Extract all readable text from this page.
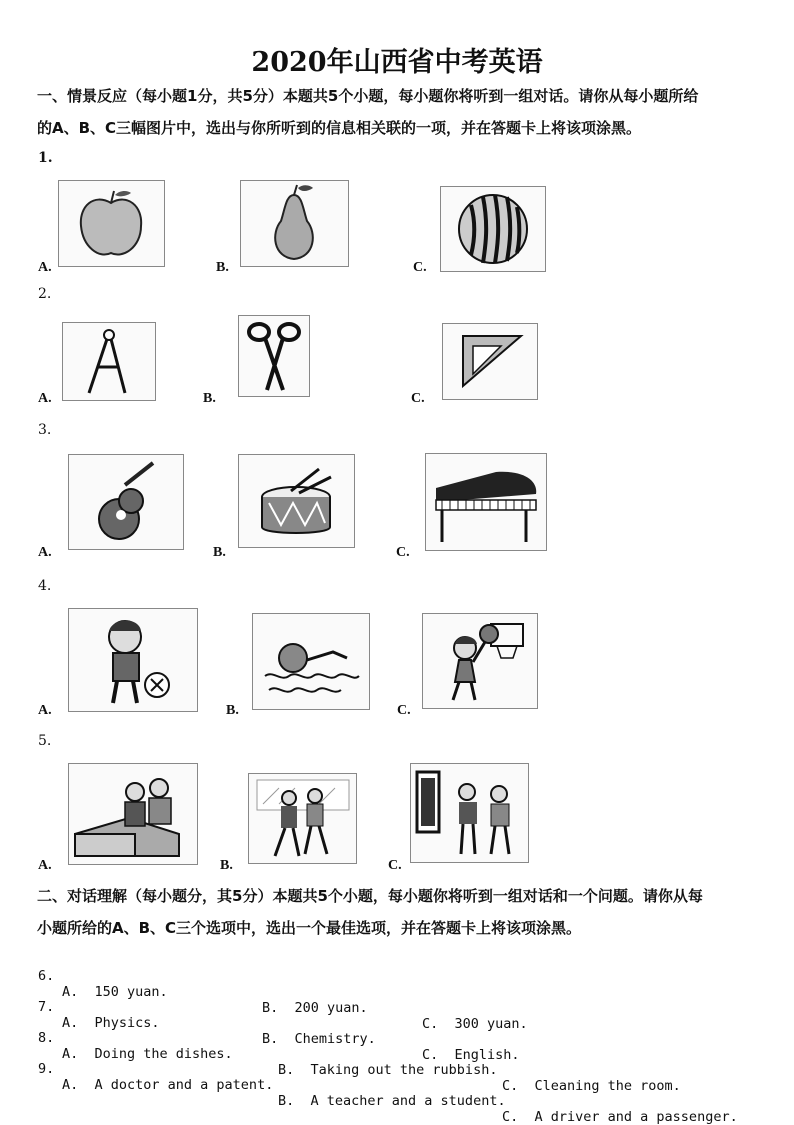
2020年山西省中考英语
一、情景反应（每小题1分，共5分）本题共5个小题，每小题你将听到一组对话。请你从每小题所给
的A、B、C三幅图片中，选出与你所听到的信息相关联的一项，并在答题卡上将该项涂黑。
1.
A.	B.	C.
2.
A.	B.	C.
3.
A.	B.	C.
4.
A.	B.	C.
5.
A.	B.	C.
二、对话理解（每小题分，其5分）本题共5个小题，每小题你将听到一组对话和一个问题。请你从每
小题所给的A、B、C三个选项中，选出一个最佳选项，并在答题卡上将该项涂黑。

6.

A.  150 yuan.

B.  200 yuan.

C.  300 yuan.

7.

A.  Physics.

B.  Chemistry.

C.  English.

8.

A.  Doing the dishes.

B.  Taking out the rubbish.

C.  Cleaning the room.

9.

A.  A doctor and a patent.

B.  A teacher and a student.

C.  A driver and a passenger.
